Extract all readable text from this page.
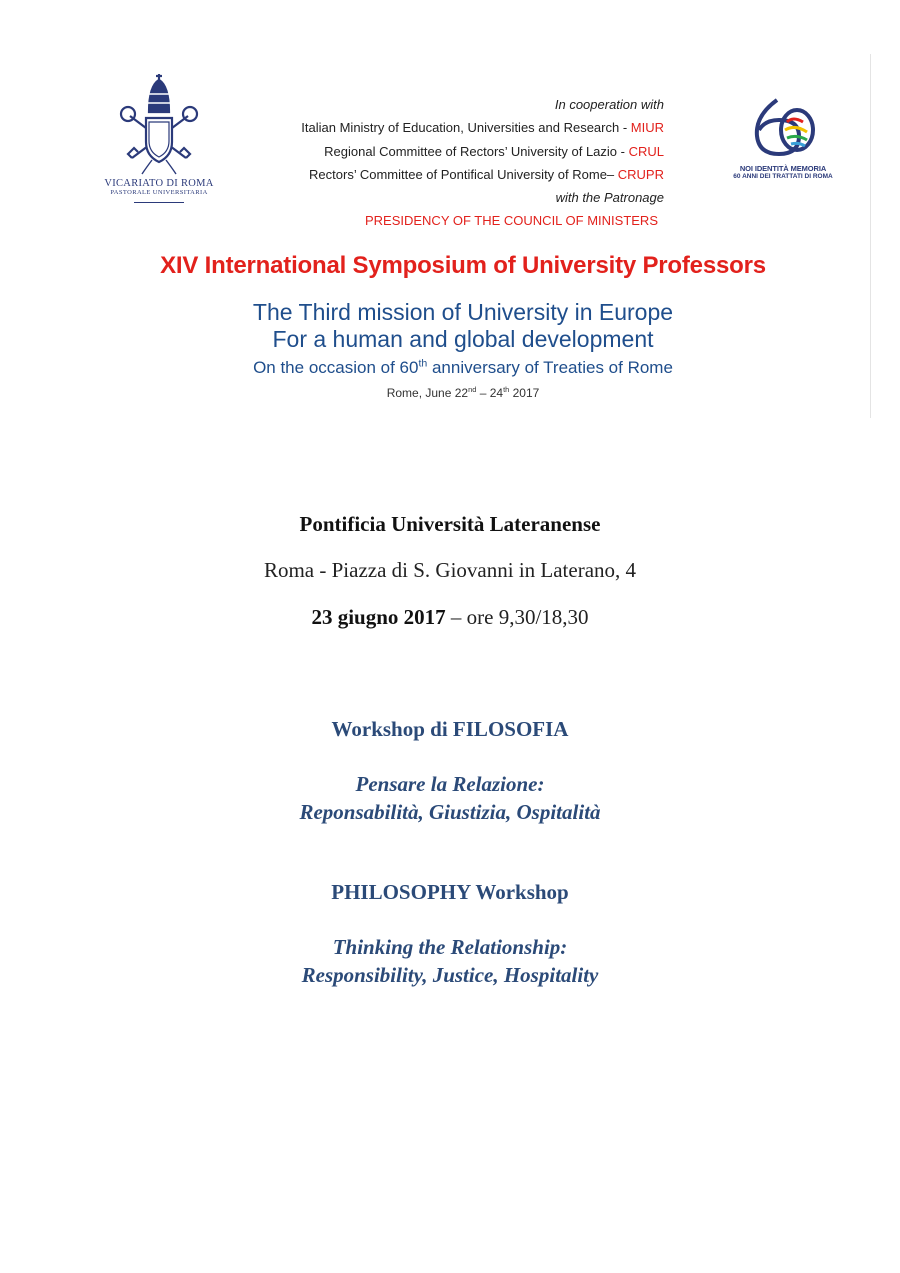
VICARIATO DI ROMA
PASTORALE UNIVERSITARIA
In cooperation with
Italian Ministry of Education, Universities and Research - MIUR
Regional Committee of Rectors’ University of Lazio - CRUL
Rectors’ Committee of Pontifical University of Rome– CRUPR
with the Patronage
PRESIDENCY OF THE COUNCIL OF MINISTERS
NOI IDENTITÀ MEMORIA
60 ANNI DEI TRATTATI DI ROMA
XIV International Symposium of University Professors
The Third mission of University in Europe
For a human and global development
On the occasion of 60th anniversary of Treaties of Rome
Rome, June 22nd – 24th 2017
Pontificia Università Lateranense
Roma - Piazza di S. Giovanni in Laterano, 4
23 giugno 2017 – ore 9,30/18,30
Workshop di FILOSOFIA
Pensare la Relazione:
Reponsabilità, Giustizia, Ospitalità
PHILOSOPHY Workshop
Thinking the Relationship:
Responsibility, Justice, Hospitality
